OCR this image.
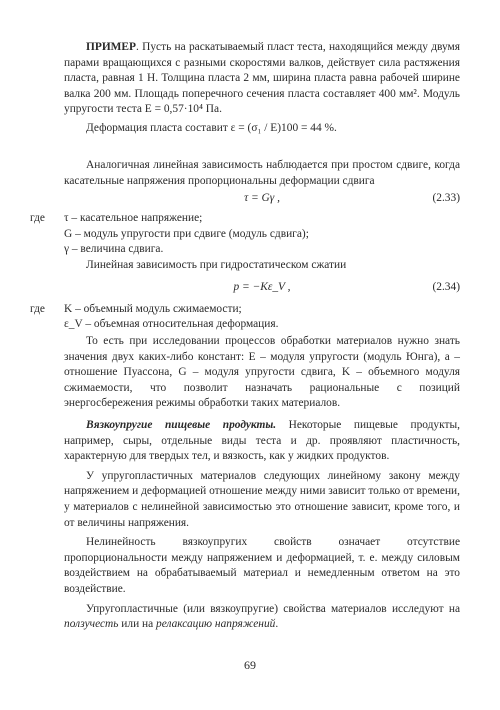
ПРИМЕР. Пусть на раскатываемый пласт теста, находящийся между двумя парами вращающихся с разными скоростями валков, действует сила растяжения пласта, равная 1 Н. Толщина пласта 2 мм, ширина пласта равна рабочей ширине валка 200 мм. Площадь поперечного сечения пласта составляет 400 мм². Модуль упругости теста E = 0,57·10⁴ Па.

Деформация пласта составит ε = (σ₁ / E)100 = 44 %.

Аналогичная линейная зависимость наблюдается при простом сдвиге, когда касательные напряжения пропорциональны деформации сдвига

τ = Gγ ,	(2.33)
где	τ – касательное напряжение;
G – модуль упругости при сдвиге (модуль сдвига);
γ – величина сдвига.

Линейная зависимость при гидростатическом сжатии

p = −Kε_V ,	(2.34)
где	K – объемный модуль сжимаемости;
ε_V – объемная относительная деформация.

То есть при исследовании процессов обработки материалов нужно знать значения двух каких-либо констант: E – модуля упругости (модуль Юнга), a – отношение Пуассона, G – модуля упругости сдвига, K – объемного модуля сжимаемости, что позволит назначать рациональные с позиций энергосбережения режимы обработки таких материалов.

Вязкоупругие пищевые продукты. Некоторые пищевые продукты, например, сыры, отдельные виды теста и др. проявляют пластичность, характерную для твердых тел, и вязкость, как у жидких продуктов.

У упругопластичных материалов следующих линейному закону между напряжением и деформацией отношение между ними зависит только от времени, у материалов с нелинейной зависимостью это отношение зависит, кроме того, и от величины напряжения.

Нелинейность вязкоупругих свойств означает отсутствие пропорциональности между напряжением и деформацией, т. е. между силовым воздействием на обрабатываемый материал и немедленным ответом на это воздействие.

Упругопластичные (или вязкоупругие) свойства материалов исследуют на ползучесть или на релаксацию напряжений.

69
